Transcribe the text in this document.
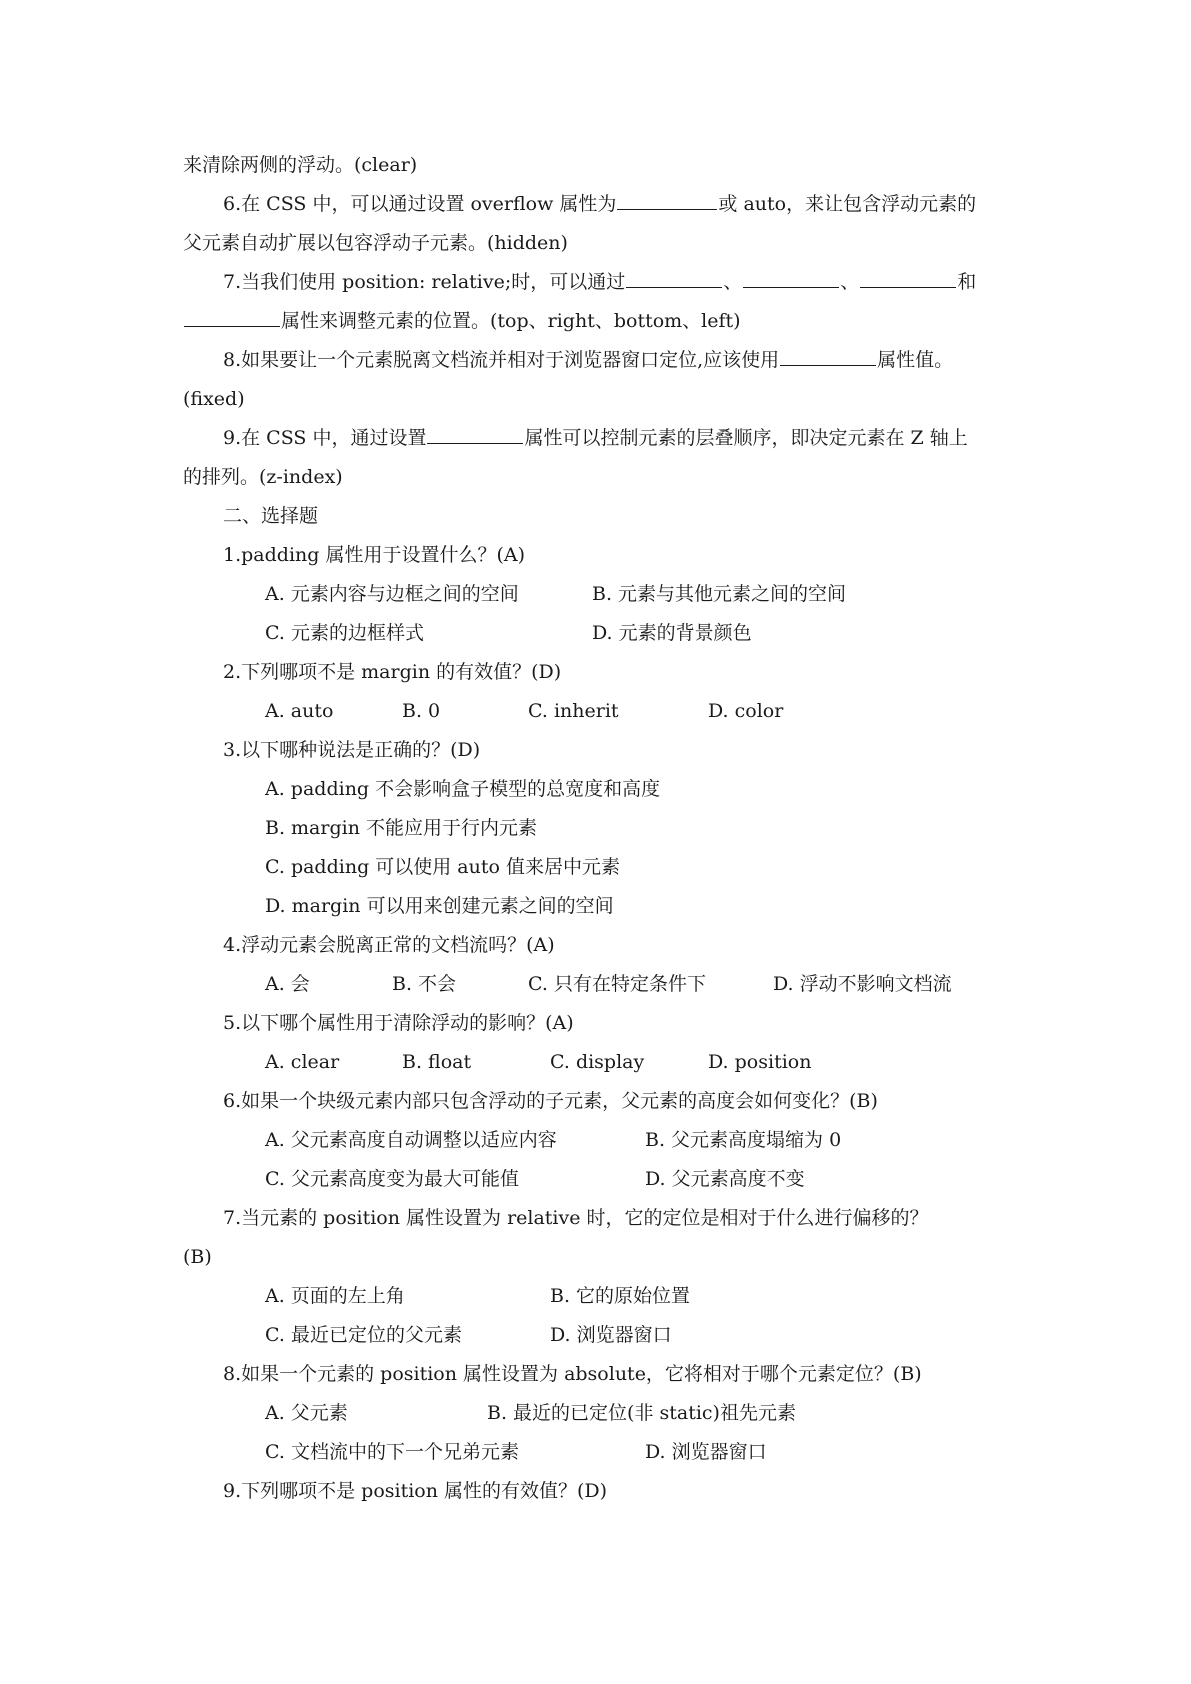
来清除两侧的浮动。(clear)
6.在 CSS 中，可以通过设置 overflow 属性为	或 auto，来让包含浮动元素的
父元素自动扩展以包容浮动子元素。(hidden)
7.当我们使用 position: relative;时，可以通过	、	、	和
属性来调整元素的位置。(top、right、bottom、left)
8.如果要让一个元素脱离文档流并相对于浏览器窗口定位,应该使用	属性值。
(fixed)
9.在 CSS 中，通过设置	属性可以控制元素的层叠顺序，即决定元素在 Z 轴上
的排列。(z-index)
二、选择题
1.padding 属性用于设置什么？(A)
A. 元素内容与边框之间的空间	B. 元素与其他元素之间的空间
C. 元素的边框样式	D. 元素的背景颜色
2.下列哪项不是 margin 的有效值？(D)
A. auto	B. 0	C. inherit	D. color
3.以下哪种说法是正确的？(D)
A. padding 不会影响盒子模型的总宽度和高度
B. margin 不能应用于行内元素
C. padding 可以使用 auto 值来居中元素
D. margin 可以用来创建元素之间的空间
4.浮动元素会脱离正常的文档流吗？(A)
A. 会	B. 不会	C. 只有在特定条件下	D. 浮动不影响文档流
5.以下哪个属性用于清除浮动的影响？(A)
A. clear	B. float	C. display	D. position
6.如果一个块级元素内部只包含浮动的子元素，父元素的高度会如何变化？(B)
A. 父元素高度自动调整以适应内容	B. 父元素高度塌缩为 0
C. 父元素高度变为最大可能值	D. 父元素高度不变
7.当元素的 position 属性设置为 relative 时，它的定位是相对于什么进行偏移的？
(B)
A. 页面的左上角	B. 它的原始位置
C. 最近已定位的父元素	D. 浏览器窗口
8.如果一个元素的 position 属性设置为 absolute，它将相对于哪个元素定位？(B)
A. 父元素	B. 最近的已定位(非 static)祖先元素
C. 文档流中的下一个兄弟元素	D. 浏览器窗口
9.下列哪项不是 position 属性的有效值？(D)
